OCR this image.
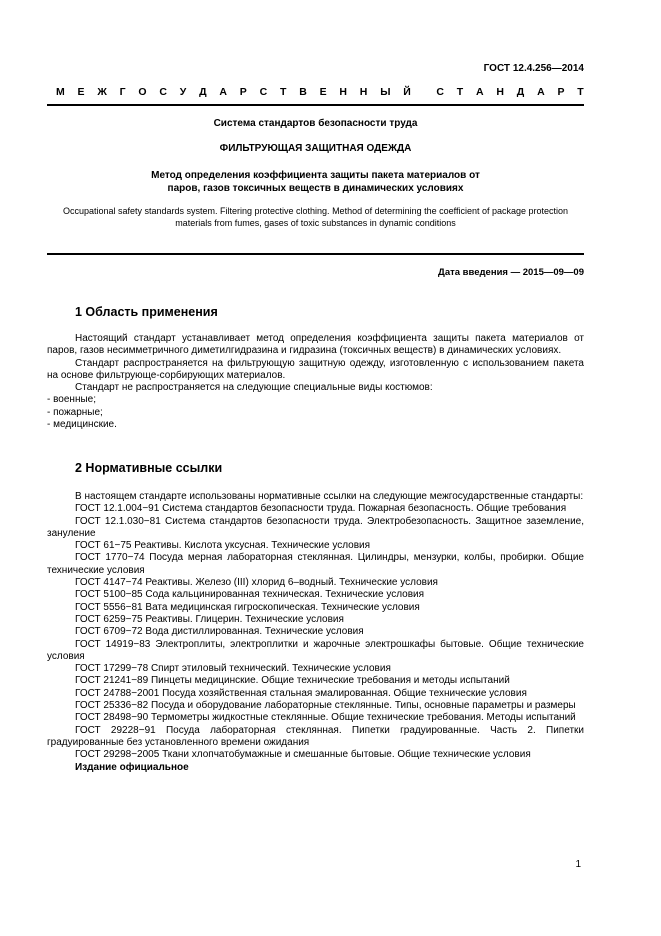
ГОСТ 12.4.256—2014
М Е Ж Г О С У Д А Р С Т В Е Н Н Ы Й С Т А Н Д А Р Т
Система стандартов безопасности труда
ФИЛЬТРУЮЩАЯ ЗАЩИТНАЯ ОДЕЖДА
Метод определения коэффициента защиты пакета материалов от
паров, газов токсичных веществ в динамических условиях
Occupational safety standards system. Filtering protective clothing. Method of determining the coefficient of package protection materials from fumes, gases of toxic substances in dynamic conditions
Дата введения — 2015—09—09
1 Область применения

Настоящий стандарт устанавливает метод определения коэффициента защиты пакета материалов от паров, газов несимметричного диметилгидразина и гидразина (токсичных веществ) в динамических условиях.

Стандарт распространяется на фильтрующую защитную одежду, изготовленную с использованием пакета на основе фильтрующе-сорбирующих материалов.

Стандарт не распространяется на следующие специальные виды костюмов:

- военные;

- пожарные;

- медицинские.

2 Нормативные ссылки

В настоящем стандарте использованы нормативные ссылки на следующие межгосударственные стандарты:

ГОСТ 12.1.004−91 Система стандартов безопасности труда. Пожарная безопасность. Общие требования

ГОСТ 12.1.030−81 Система стандартов безопасности труда. Электробезопасность. Защитное заземление, зануление

ГОСТ 61−75 Реактивы. Кислота уксусная. Технические условия

ГОСТ 1770−74 Посуда мерная лабораторная стеклянная. Цилиндры, мензурки, колбы, пробирки. Общие технические условия

ГОСТ 4147−74 Реактивы. Железо (III) хлорид 6–водный. Технические условия

ГОСТ 5100−85 Сода кальцинированная техническая. Технические условия

ГОСТ 5556−81 Вата медицинская гигроскопическая. Технические условия

ГОСТ 6259−75 Реактивы. Глицерин. Технические условия

ГОСТ 6709−72 Вода дистиллированная. Технические условия

ГОСТ 14919−83 Электроплиты, электроплитки и жарочные электрошкафы бытовые. Общие технические условия

ГОСТ 17299−78 Спирт этиловый технический. Технические условия

ГОСТ 21241−89 Пинцеты медицинские. Общие технические требования и методы испытаний

ГОСТ 24788−2001 Посуда хозяйственная стальная эмалированная. Общие технические условия

ГОСТ 25336−82 Посуда и оборудование лабораторные стеклянные. Типы, основные параметры и размеры

ГОСТ 28498−90 Термометры жидкостные стеклянные. Общие технические требования. Методы испытаний

ГОСТ 29228−91 Посуда лабораторная стеклянная. Пипетки градуированные. Часть 2. Пипетки градуированные без установленного времени ожидания

ГОСТ 29298−2005 Ткани хлопчатобумажные и смешанные бытовые. Общие технические условия

Издание официальное

1
